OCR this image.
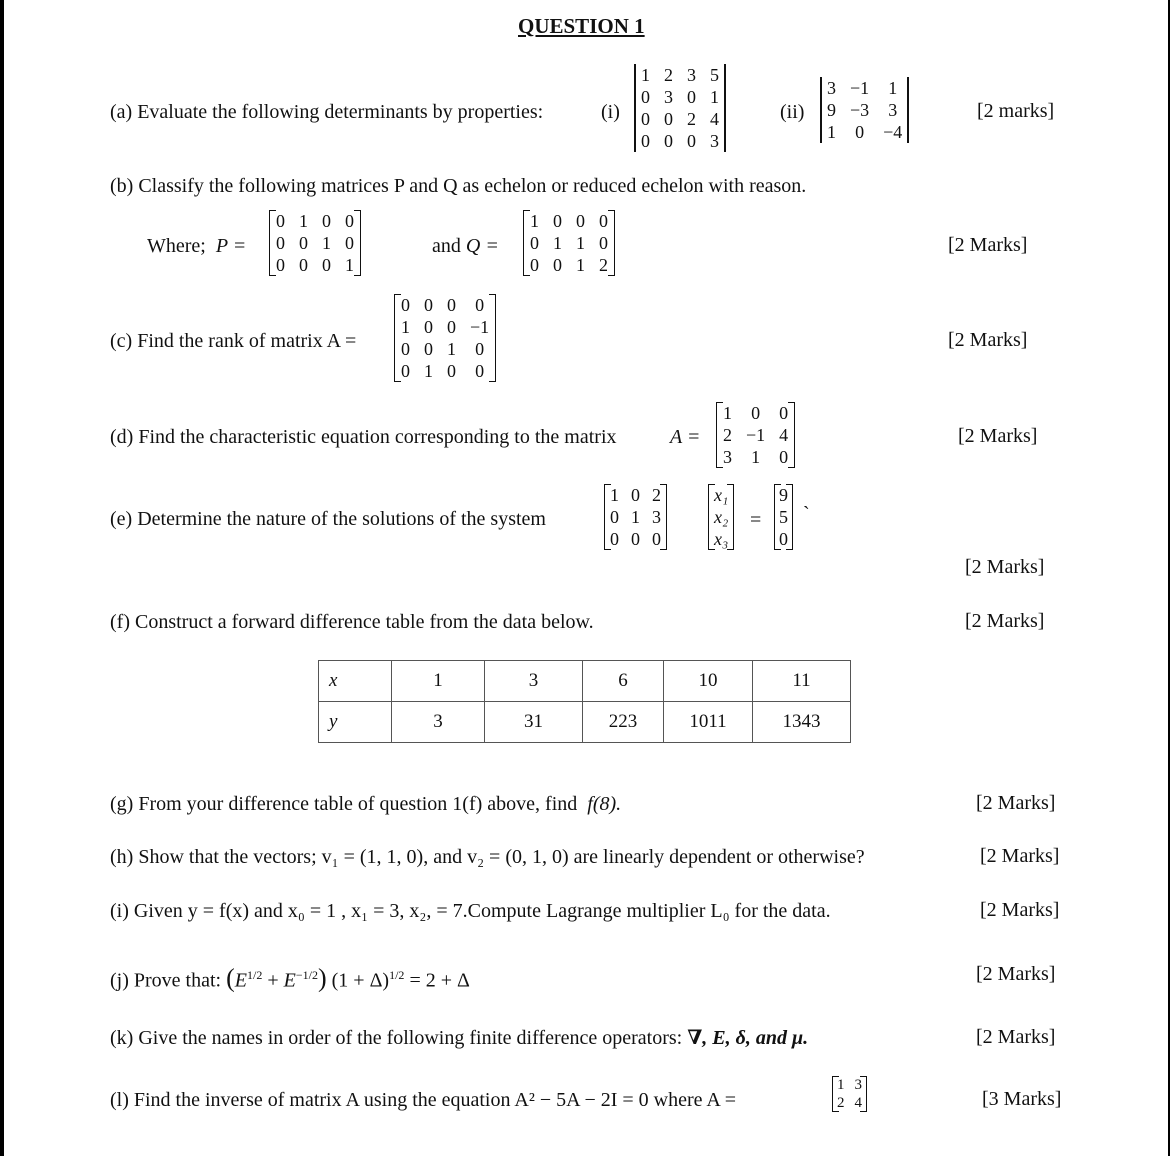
QUESTION 1
(a) Evaluate the following determinants by properties:	(i)
1	2	3	5
0	3	0	1
0	0	2	4
0	0	0	3
(ii)
3	−1	1
9	−3	3
1	0	−4
[2 marks]
(b) Classify the following matrices P and Q as echelon or reduced echelon with reason.
Where; P =
0	1	0	0
0	0	1	0
0	0	0	1
and Q =
1	0	0	0
0	1	1	0
0	0	1	2
[2 Marks]
(c) Find the rank of matrix A =
0	0	0	0
1	0	0	−1
0	0	1	0
0	1	0	0
[2 Marks]
(d) Find the characteristic equation corresponding to the matrix	A =
1	0	0
2	−1	4
3	1	0
[2 Marks]
(e) Determine the nature of the solutions of the system
1	0	2
0	1	3
0	0	0
x₁
x₂
x₃
=
9
5
0
`
[2 Marks]
(f) Construct a forward difference table from the data below.	[2 Marks]
x	1	3	6	10	11
y	3	31	223	1011	1343
(g) From your difference table of question 1(f) above, find f(8).	[2 Marks]
(h) Show that the vectors; v₁ = (1, 1, 0), and v₂ = (0, 1, 0) are linearly dependent or otherwise?	[2 Marks]
(i) Given y = f(x) and x₀ = 1 , x₁ = 3, x₂, = 7.Compute Lagrange multiplier L₀ for the data.	[2 Marks]
(j) Prove that: $(E^{1/2} + E^{-1/2}) (1 + \Delta)^{1/2} = 2 + \Delta$	[2 Marks]
(k) Give the names in order of the following finite difference operators: ∇, E, δ, and μ.	[2 Marks]
(l) Find the inverse of matrix A using the equation A² − 5A − 2I = 0 where A =
1	3
2	4	[3 Marks]
